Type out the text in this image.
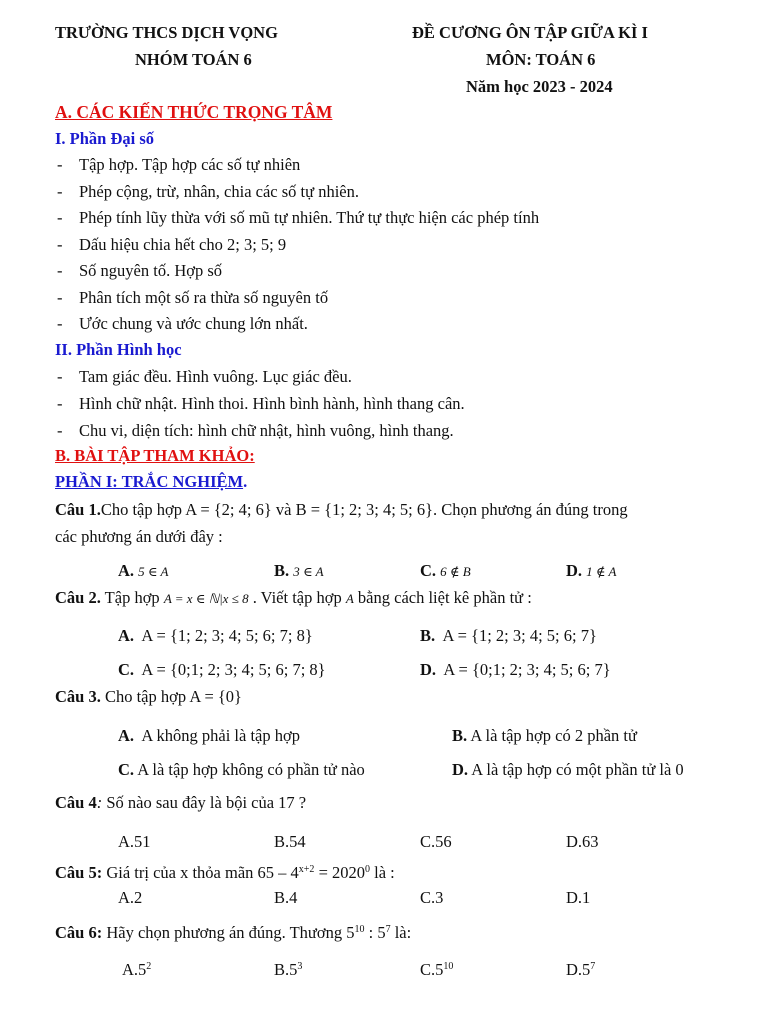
TRƯỜNG THCS DỊCH VỌNG
NHÓM TOÁN 6
ĐỀ CƯƠNG ÔN TẬP GIỮA KÌ I
MÔN: TOÁN 6
Năm học 2023 - 2024
A. CÁC KIẾN THỨC TRỌNG TÂM
I. Phần Đại số
- Tập hợp. Tập hợp các số tự nhiên
- Phép cộng, trừ, nhân, chia các số tự nhiên.
- Phép tính lũy thừa với số mũ tự nhiên. Thứ tự thực hiện các phép tính
- Dấu hiệu chia hết cho 2; 3; 5; 9
- Số nguyên tố. Hợp số
- Phân tích một số ra thừa số nguyên tố
- Ước chung và ước chung lớn nhất.
II. Phần Hình học
- Tam giác đều. Hình vuông. Lục giác đều.
- Hình chữ nhật. Hình thoi. Hình bình hành, hình thang cân.
- Chu vi, diện tích: hình chữ nhật, hình vuông, hình thang.
B. BÀI TẬP THAM KHẢO:
PHẦN I: TRẮC NGHIỆM.
Câu 1.Cho tập hợp A = {2; 4; 6} và B = {1; 2; 3; 4; 5; 6}. Chọn phương án đúng trong
các phương án dưới đây :
A. 5 ∈ A	B. 3 ∈ A	C. 6 ∉ B	D. 1 ∉ A
Câu 2. Tập hợp A = x ∈ ℕ|x ≤ 8 . Viết tập hợp A bằng cách liệt kê phần tử :
A. A = {1; 2; 3; 4; 5; 6; 7; 8}	B. A = {1; 2; 3; 4; 5; 6; 7}
C. A = {0;1; 2; 3; 4; 5; 6; 7; 8}	D. A = {0;1; 2; 3; 4; 5; 6; 7}
Câu 3. Cho tập hợp A = {0}
A. A không phải là tập hợp	B. A là tập hợp có 2 phần tử
C. A là tập hợp không có phần tử nào	D. A là tập hợp có một phần tử là 0
Câu 4: Số nào sau đây là bội của 17 ?
A.51	B.54	C.56	D.63
Câu 5: Giá trị của x thỏa mãn $65 - 4^{x+2} = 2020^0$ là :
A.2	B.4	C.3	D.1
Câu 6: Hãy chọn phương án đúng. Thương $5^{10}$ : $5^7$ là:
$A.5^2$	$B.5^3$	$C.5^{10}$	$D.5^7$
